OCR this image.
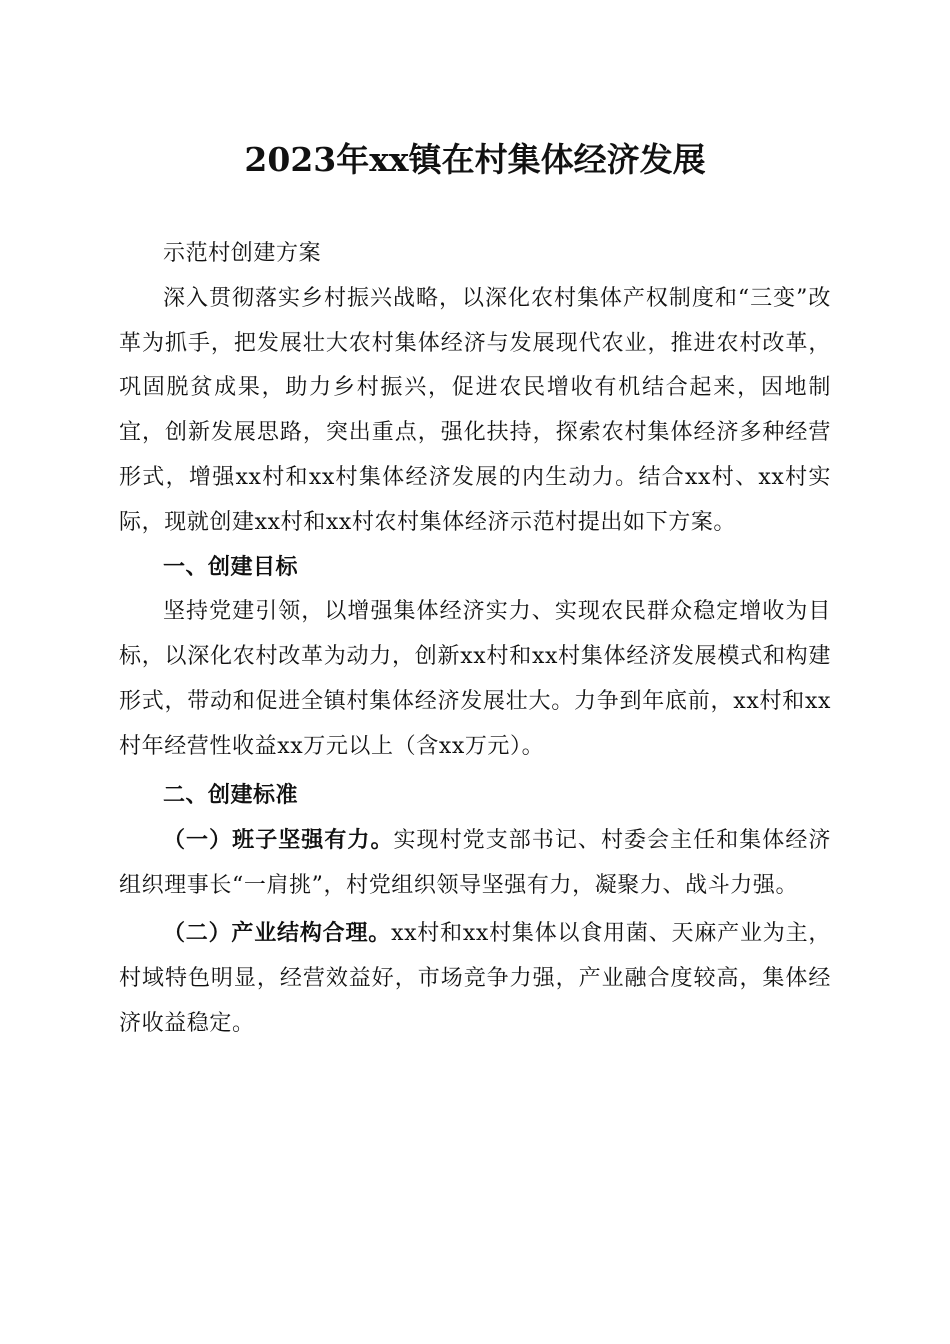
2023年xx镇在村集体经济发展

示范村创建方案

深入贯彻落实乡村振兴战略，以深化农村集体产权制度和“三变”改革为抓手，把发展壮大农村集体经济与发展现代农业，推进农村改革，巩固脱贫成果，助力乡村振兴，促进农民增收有机结合起来，因地制宜，创新发展思路，突出重点，强化扶持，探索农村集体经济多种经营形式，增强xx村和xx村集体经济发展的内生动力。结合xx村、xx村实际，现就创建xx村和xx村农村集体经济示范村提出如下方案。

一、创建目标

坚持党建引领，以增强集体经济实力、实现农民群众稳定增收为目标，以深化农村改革为动力，创新xx村和xx村集体经济发展模式和构建形式，带动和促进全镇村集体经济发展壮大。力争到年底前，xx村和xx村年经营性收益xx万元以上（含xx万元）。

二、创建标准

（一）班子坚强有力。实现村党支部书记、村委会主任和集体经济组织理事长“一肩挑”，村党组织领导坚强有力，凝聚力、战斗力强。

（二）产业结构合理。xx村和xx村集体以食用菌、天麻产业为主，村域特色明显，经营效益好，市场竞争力强，产业融合度较高，集体经济收益稳定。
